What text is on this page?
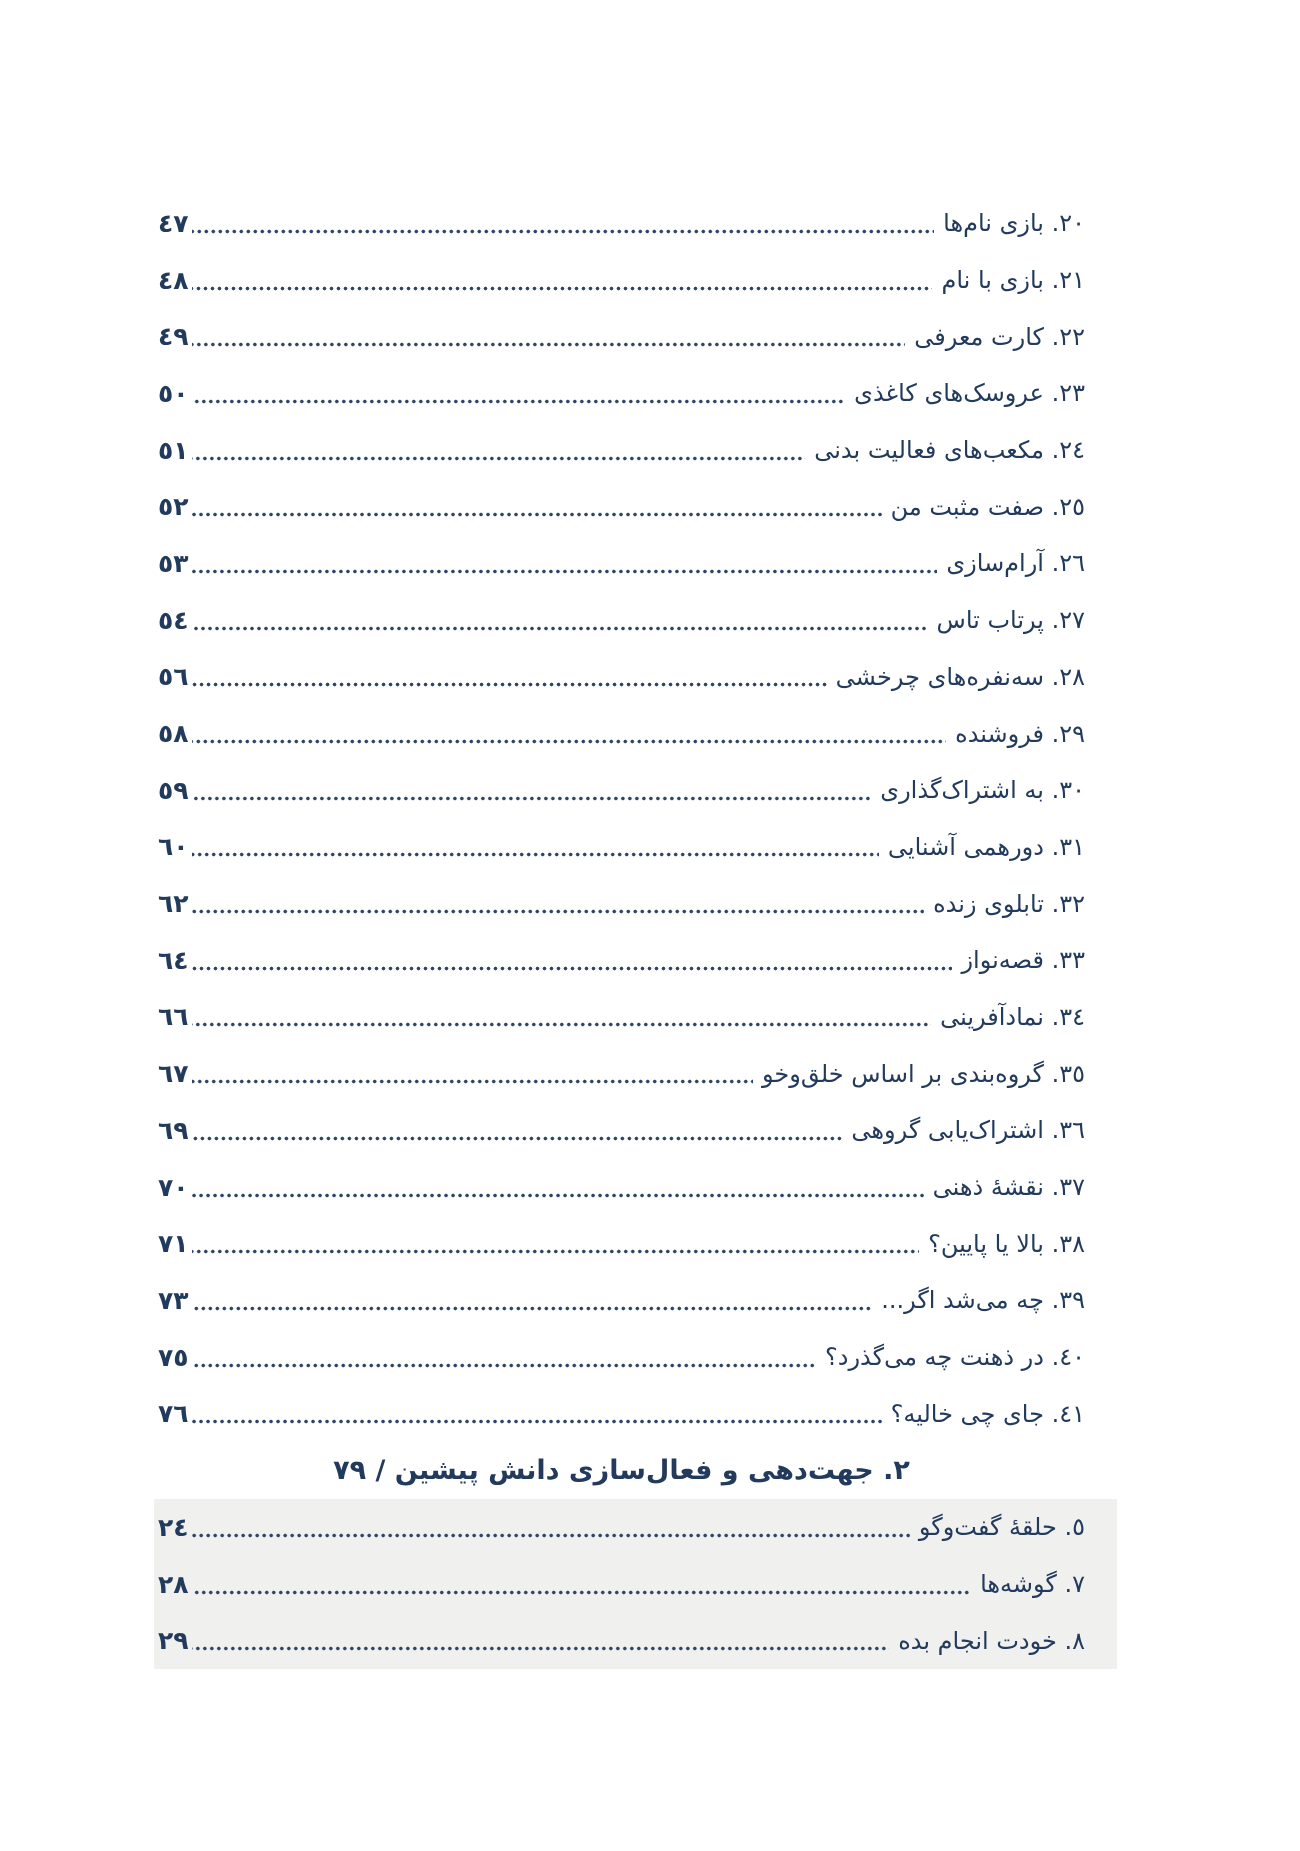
٢٠. بازی نام‌ها
٤٧
٢١. بازی با نام
٤٨
٢٢. کارت معرفی
٤٩
٢٣. عروسک‌های کاغذی
٥٠
٢٤. مکعب‌های فعالیت بدنی
٥١
٢٥. صفت مثبت من
٥٢
٢٦. آرام‌سازی
٥٣
٢٧. پرتاب تاس
٥٤
٢٨. سه‌نفره‌های چرخشی
٥٦
٢٩. فروشنده
٥٨
٣٠. به اشتراک‌گذاری
٥٩
٣١. دورهمی آشنایی
٦٠
٣٢. تابلوی زنده
٦٢
٣٣. قصه‌نواز
٦٤
٣٤. نمادآفرینی
٦٦
٣٥. گروه‌بندی بر اساس خلق‌وخو
٦٧
٣٦. اشتراک‌یابی گروهی
٦٩
٣٧. نقشهٔ ذهنی
٧٠
٣٨. بالا یا پایین؟
٧١
٣٩. چه می‌شد اگر...
٧٣
٤٠. در ذهنت چه می‌گذرد؟
٧٥
٤١. جای چی خالیه؟
٧٦
٢. جهت‌دهی و فعال‌سازی دانش پیشین / ٧٩
٥. حلقهٔ گفت‌وگو
٢٤
٧. گوشه‌ها
٢٨
٨. خودت انجام بده
٢٩
